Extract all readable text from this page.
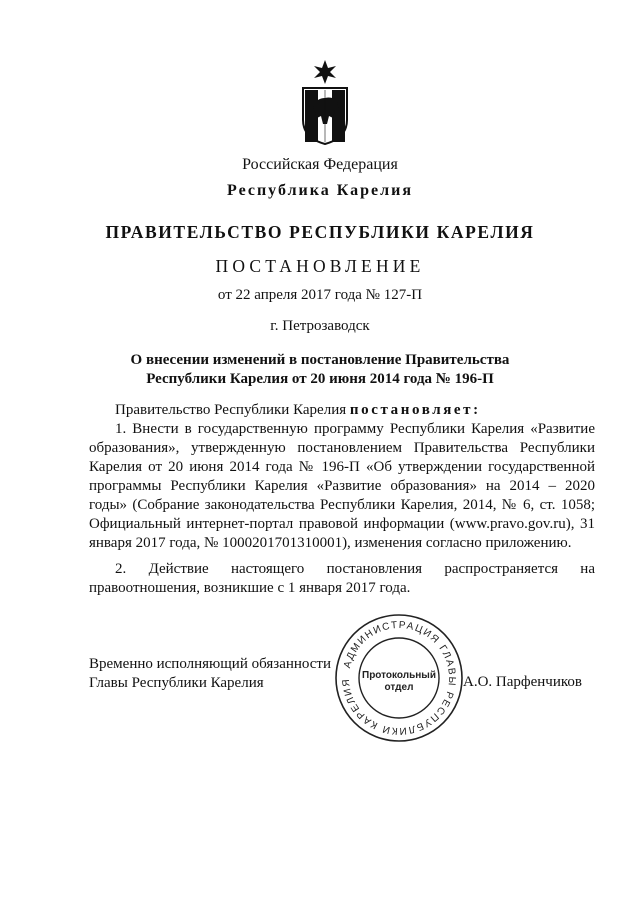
Российская Федерация
Республика Карелия
ПРАВИТЕЛЬСТВО РЕСПУБЛИКИ КАРЕЛИЯ
ПОСТАНОВЛЕНИЕ
от 22 апреля 2017 года № 127-П
г. Петрозаводск
О внесении изменений в постановление Правительства
Республики Карелия от 20 июня 2014 года № 196-П
Правительство Республики Карелия постановляет:
1. Внести в государственную программу Республики Карелия «Развитие образования», утвержденную постановлением Правительства Республики Карелия от 20 июня 2014 года № 196-П «Об утверждении государственной программы Республики Карелия «Развитие образования» на 2014 – 2020 годы» (Собрание законодательства Республики Карелия, 2014, № 6, ст. 1058; Официальный интернет-портал правовой информации (www.pravo.gov.ru), 31 января 2017 года, № 1000201701310001), изменения согласно приложению.
2. Действие настоящего постановления распространяется на правоотношения, возникшие с 1 января 2017 года.
Временно исполняющий обязанности
Главы Республики Карелия
АДМИНИСТРАЦИЯ ГЛАВЫ РЕСПУБЛИКИ КАРЕЛИЯ
Протокольный
отдел	А.О. Парфенчиков
